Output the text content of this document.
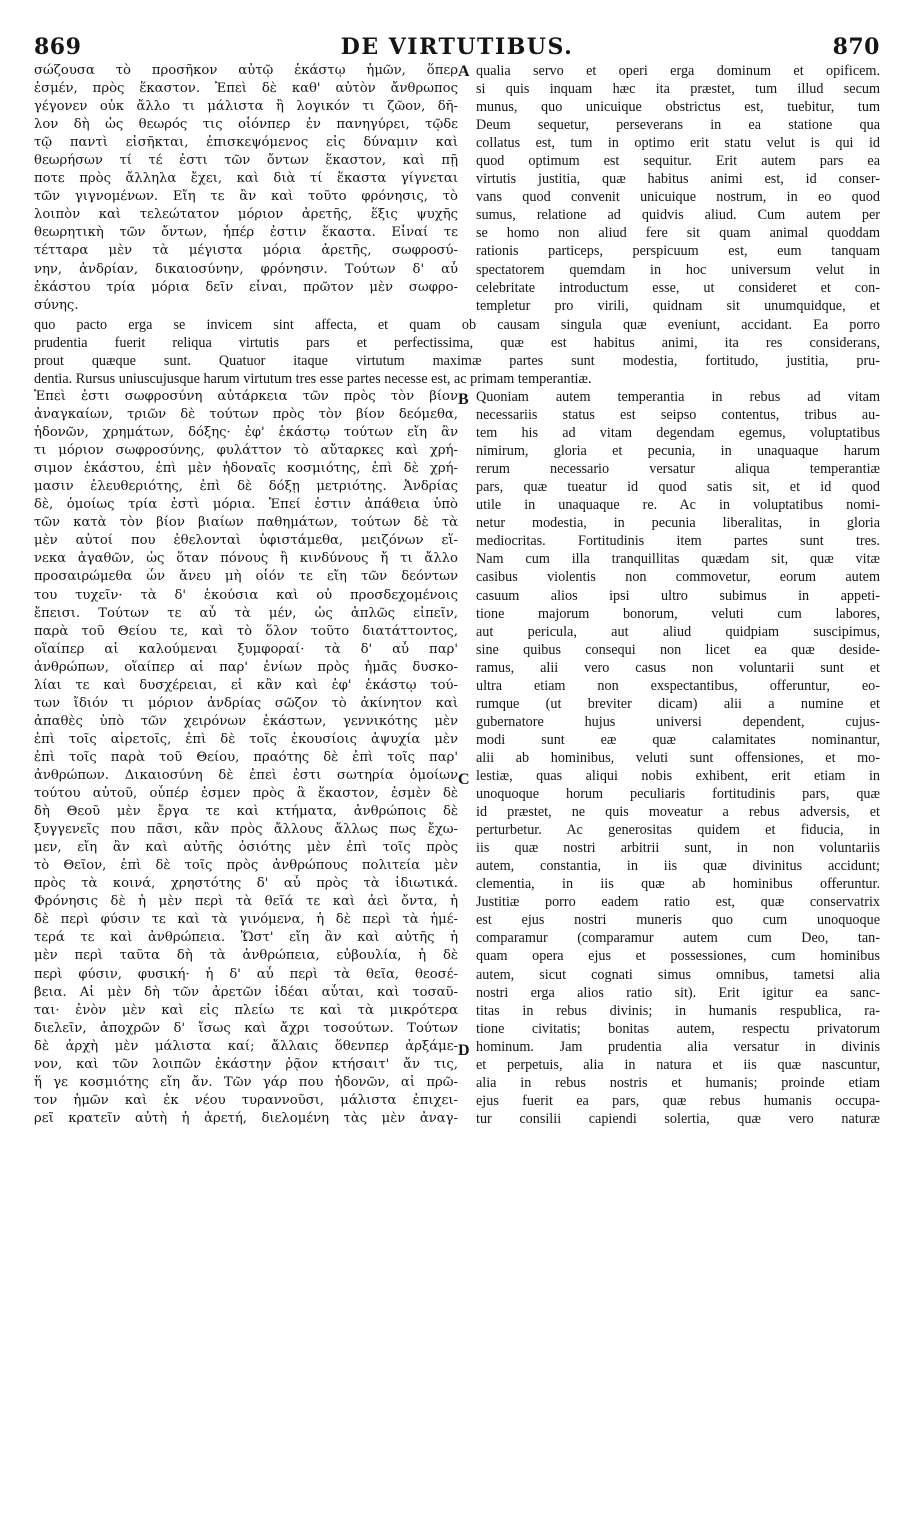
869	DE VIRTUTIBUS.	870
σώζουσα τὸ προσῆκον αὐτῷ ἑκάστῳ ἡμῶν, ὅπερ
ἐσμέν, πρὸς ἕκαστον. Ἐπεὶ δὲ καθ' αὑτὸν ἄνθρωπος
γέγονεν οὐκ ἄλλο τι μάλιστα ἢ λογικόν τι ζῶον, δῆ-
λον δὴ ὡς θεωρός τις οἷόνπερ ἐν πανηγύρει, τῷδε
τῷ παντὶ εἰσῆκται, ἐπισκεψόμενος εἰς δύναμιν καὶ
θεωρήσων τί τέ ἐστι τῶν ὄντων ἕκαστον, καὶ πῇ
ποτε πρὸς ἄλληλα ἔχει, καὶ διὰ τί ἕκαστα γίγνεται
τῶν γιγνομένων. Εἴη τε ἂν καὶ τοῦτο φρόνησις, τὸ
λοιπὸν καὶ τελεώτατον μόριον ἀρετῆς, ἕξις ψυχῆς
θεωρητικὴ τῶν ὄντων, ἧπέρ ἐστιν ἕκαστα. Εἶναί τε
τέτταρα μὲν τὰ μέγιστα μόρια ἀρετῆς, σωφροσύ-
νην, ἀνδρίαν, δικαιοσύνην, φρόνησιν. Τούτων δ' αὖ
ἑκάστου τρία μόρια δεῖν εἶναι, πρῶτον μὲν σωφρο-
σύνης.
qualia servo et operi erga dominum et opificem.
si quis inquam hæc ita præstet, tum illud secum
munus, quo unicuique obstrictus est, tuebitur, tum
Deum sequetur, perseverans in ea statione qua
collatus est, tum in optimo erit statu velut is qui id
quod optimum est sequitur. Erit autem pars ea
virtutis justitia, quæ habitus animi est, id conser-
vans quod convenit unicuique nostrum, in eo quod
sumus, relatione ad quidvis aliud. Cum autem per
se homo non aliud fere sit quam animal quoddam
rationis particeps, perspicuum est, eum tanquam
spectatorem quemdam in hoc universum velut in
celebritate introductum esse, ut consideret et con-
templetur pro virili, quidnam sit unumquidque, et
quo pacto erga se invicem sint affecta, et quam ob causam singula quæ eveniunt, accidant. Ea porro
prudentia fuerit reliqua virtutis pars et perfectissima, quæ est habitus animi, ita res considerans,
prout quæque sunt. Quatuor itaque virtutum maximæ partes sunt modestia, fortitudo, justitia, pru-
dentia. Rursus uniuscujusque harum virtutum tres esse partes necesse est, ac primam temperantiæ.
Ἐπεὶ ἐστι σωφροσύνη αὐτάρκεια τῶν πρὸς τὸν βίον
ἀναγκαίων, τριῶν δὲ τούτων πρὸς τὸν βίον δεόμεθα,
ἡδονῶν, χρημάτων, δόξης· ἐφ' ἑκάστῳ τούτων εἴη ἂν
τι μόριον σωφροσύνης, φυλάττον τὸ αὔταρκες καὶ χρή-
σιμον ἑκάστου, ἐπὶ μὲν ἡδοναῖς κοσμιότης, ἐπὶ δὲ χρή-
μασιν ἐλευθεριότης, ἐπὶ δὲ δόξῃ μετριότης. Ἀνδρίας
δὲ, ὁμοίως τρία ἐστὶ μόρια. Ἐπεί ἐστιν ἀπάθεια ὑπὸ
τῶν κατὰ τὸν βίον βιαίων παθημάτων, τούτων δὲ τὰ
μὲν αὐτοί που ἐθελονταὶ ὑφιστάμεθα, μειζόνων εἵ-
νεκα ἀγαθῶν, ὡς ὅταν πόνους ἢ κινδύνους ἤ τι ἄλλο
προσαιρώμεθα ὧν ἄνευ μὴ οἷόν τε εἴη τῶν δεόντων
του τυχεῖν· τὰ δ' ἑκούσια καὶ οὐ προσδεχομένοις
ἔπεισι. Τούτων τε αὖ τὰ μέν, ὡς ἁπλῶς εἰπεῖν,
παρὰ τοῦ Θείου τε, καὶ τὸ ὅλον τοῦτο διατάττοντος,
οἵαίπερ αἱ καλούμεναι ξυμφοραί· τὰ δ' αὖ παρ'
ἀνθρώπων, οἵαίπερ αἱ παρ' ἐνίων πρὸς ἡμᾶς δυσκο-
λίαι τε καὶ δυσχέρειαι, εἰ κἂν καὶ ἐφ' ἑκάστῳ τού-
των ἴδιόν τι μόριον ἀνδρίας σῶζον τὸ ἀκίνητον καὶ
ἀπαθὲς ὑπὸ τῶν χειρόνων ἑκάστων, γεννικότης μὲν
ἐπὶ τοῖς αἱρετοῖς, ἐπὶ δὲ τοῖς ἑκουσίοις ἀψυχία μὲν
ἐπὶ τοῖς παρὰ τοῦ Θείου, πραότης δὲ ἐπὶ τοῖς παρ'
ἀνθρώπων. Δικαιοσύνη δὲ ἐπεὶ ἐστι σωτηρία ὁμοίων
τούτου αὐτοῦ, οὗπέρ ἐσμεν πρὸς ἃ ἕκαστον, ἐσμὲν δὲ
δὴ Θεοῦ μὲν ἔργα τε καὶ κτήματα, ἀνθρώποις δὲ
ξυγγενεῖς που πᾶσι, κἂν πρὸς ἄλλους ἄλλως πως ἔχω-
μεν, εἴη ἂν καὶ αὐτῆς ὁσιότης μὲν ἐπὶ τοῖς πρὸς
τὸ Θεῖον, ἐπὶ δὲ τοῖς πρὸς ἀνθρώπους πολιτεία μὲν
πρὸς τὰ κοινά, χρηστότης δ' αὖ πρὸς τὰ ἰδιωτικά.
Φρόνησις δὲ ἡ μὲν περὶ τὰ θεῖά τε καὶ ἀεὶ ὄντα, ἡ
δὲ περὶ φύσιν τε καὶ τὰ γινόμενα, ἡ δὲ περὶ τὰ ἡμέ-
τερά τε καὶ ἀνθρώπεια. Ὥστ' εἴη ἂν καὶ αὐτῆς ἡ
μὲν περὶ ταῦτα δὴ τὰ ἀνθρώπεια, εὐβουλία, ἡ δὲ
περὶ φύσιν, φυσική· ἡ δ' αὖ περὶ τὰ θεῖα, θεοσέ-
βεια. Αἱ μὲν δὴ τῶν ἀρετῶν ἰδέαι αὗται, καὶ τοσαῦ-
ται· ἐνὸν μὲν καὶ εἰς πλείω τε καὶ τὰ μικρότερα
διελεῖν, ἀποχρῶν δ' ἴσως καὶ ἄχρι τοσούτων. Τούτων
δὲ ἀρχὴ μὲν μάλιστα καί; ἄλλαις ὅθενπερ ἀρξάμε-
νον, καὶ τῶν λοιπῶν ἑκάστην ῥᾷον κτήσαιτ' ἄν τις,
ἥ γε κοσμιότης εἴη ἄν. Τῶν γάρ που ἡδονῶν, αἱ πρῶ-
τον ἡμῶν καὶ ἐκ νέου τυραννοῦσι, μάλιστα ἐπιχει-
ρεῖ κρατεῖν αὐτὴ ἡ ἀρετή, διελομένη τὰς μὲν ἀναγ-
Quoniam autem temperantia in rebus ad vitam
necessariis status est seipso contentus, tribus au-
tem his ad vitam degendam egemus, voluptatibus
nimirum, gloria et pecunia, in unaquaque harum
rerum necessario versatur aliqua temperantiæ
pars, quæ tueatur id quod satis sit, et id quod
utile in unaquaque re. Ac in voluptatibus nomi-
netur modestia, in pecunia liberalitas, in gloria
mediocritas. Fortitudinis item partes sunt tres.
Nam cum illa tranquillitas quædam sit, quæ vitæ
casibus violentis non commovetur, eorum autem
casuum alios ipsi ultro subimus in appeti-
tione majorum bonorum, veluti cum labores,
aut pericula, aut aliud quidpiam suscipimus,
sine quibus consequi non licet ea quæ deside-
ramus, alii vero casus non voluntarii sunt et
ultra etiam non exspectantibus, offeruntur, eo-
rumque (ut breviter dicam) alii a numine et
gubernatore hujus universi dependent, cujus-
modi sunt eæ quæ calamitates nominantur,
alii ab hominibus, veluti sunt offensiones, et mo-
lestiæ, quas aliqui nobis exhibent, erit etiam in
unoquoque horum peculiaris fortitudinis pars, quæ
id præstet, ne quis moveatur a rebus adversis, et
perturbetur. Ac generositas quidem et fiducia, in
iis quæ nostri arbitrii sunt, in non voluntariis
autem, constantia, in iis quæ divinitus accidunt;
clementia, in iis quæ ab hominibus offeruntur.
Justitiæ porro eadem ratio est, quæ conservatrix
est ejus nostri muneris quo cum unoquoque
comparamur (comparamur autem cum Deo, tan-
quam opera ejus et possessiones, cum hominibus
autem, sicut cognati simus omnibus, tametsi alia
nostri erga alios ratio sit). Erit igitur ea sanc-
titas in rebus divinis; in humanis respublica, ra-
tione civitatis; bonitas autem, respectu privatorum
hominum. Jam prudentia alia versatur in divinis
et perpetuis, alia in natura et iis quæ nascuntur,
alia in rebus nostris et humanis; proinde etiam
ejus fuerit ea pars, quæ rebus humanis occupa-
tur consilii capiendi solertia, quæ vero naturæ
A
B
C
D
